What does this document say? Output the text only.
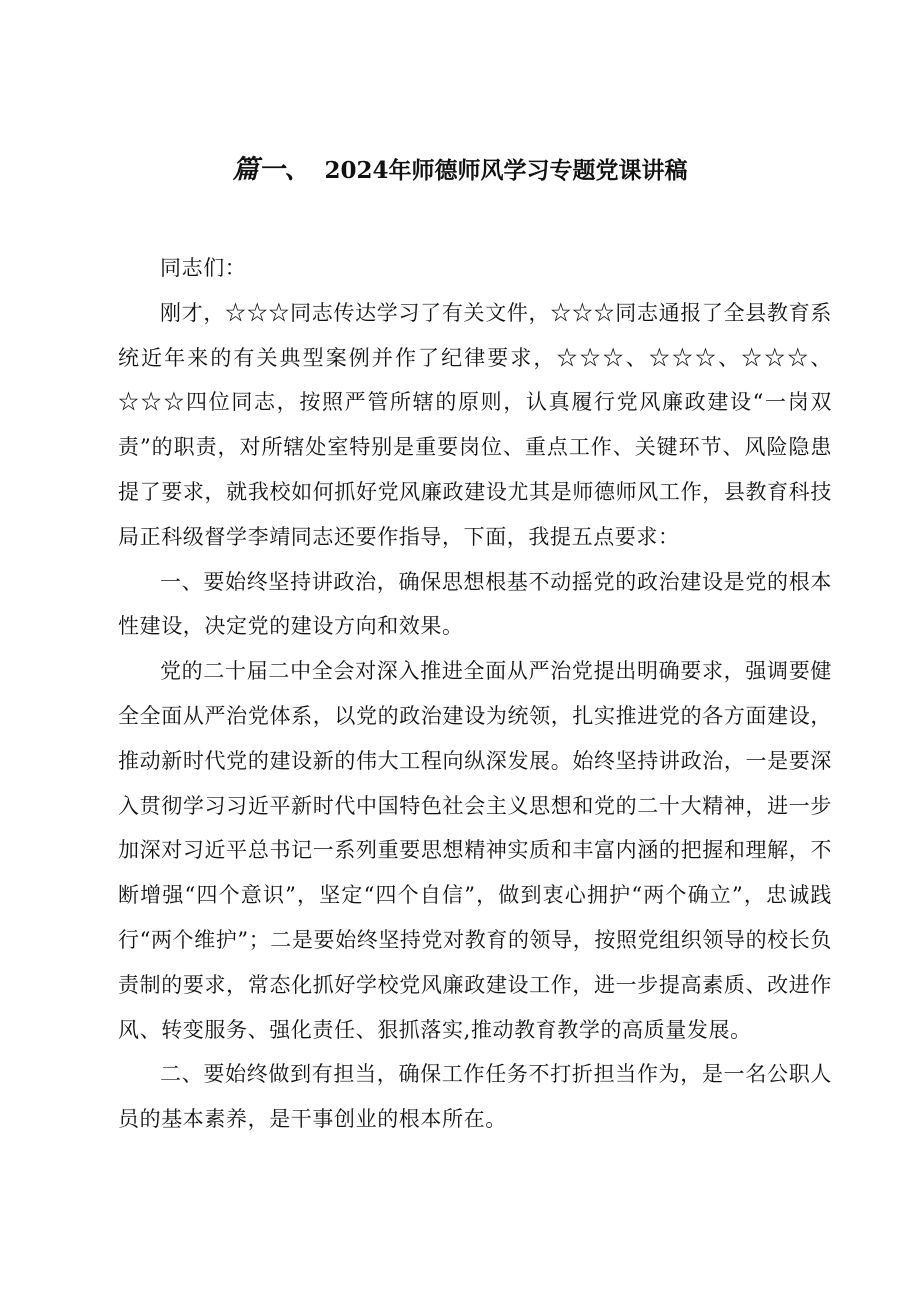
篇一、 2024年师德师风学习专题党课讲稿

同志们：

刚才，☆☆☆同志传达学习了有关文件，☆☆☆同志通报了全县教育系统近年来的有关典型案例并作了纪律要求，☆☆☆、☆☆☆、☆☆☆、☆☆☆四位同志，按照严管所辖的原则，认真履行党风廉政建设“一岗双责”的职责，对所辖处室特别是重要岗位、重点工作、关键环节、风险隐患提了要求，就我校如何抓好党风廉政建设尤其是师德师风工作，县教育科技局正科级督学李靖同志还要作指导，下面，我提五点要求：

一、要始终坚持讲政治，确保思想根基不动摇党的政治建设是党的根本性建设，决定党的建设方向和效果。

党的二十届二中全会对深入推进全面从严治党提出明确要求，强调要健全全面从严治党体系，以党的政治建设为统领，扎实推进党的各方面建设，推动新时代党的建设新的伟大工程向纵深发展。始终坚持讲政治，一是要深入贯彻学习习近平新时代中国特色社会主义思想和党的二十大精神，进一步加深对习近平总书记一系列重要思想精神实质和丰富内涵的把握和理解，不断增强“四个意识”，坚定“四个自信”，做到衷心拥护“两个确立”，忠诚践行“两个维护”；二是要始终坚持党对教育的领导，按照党组织领导的校长负责制的要求，常态化抓好学校党风廉政建设工作，进一步提高素质、改进作风、转变服务、强化责任、狠抓落实,推动教育教学的高质量发展。

二、要始终做到有担当，确保工作任务不打折担当作为，是一名公职人员的基本素养，是干事创业的根本所在。
